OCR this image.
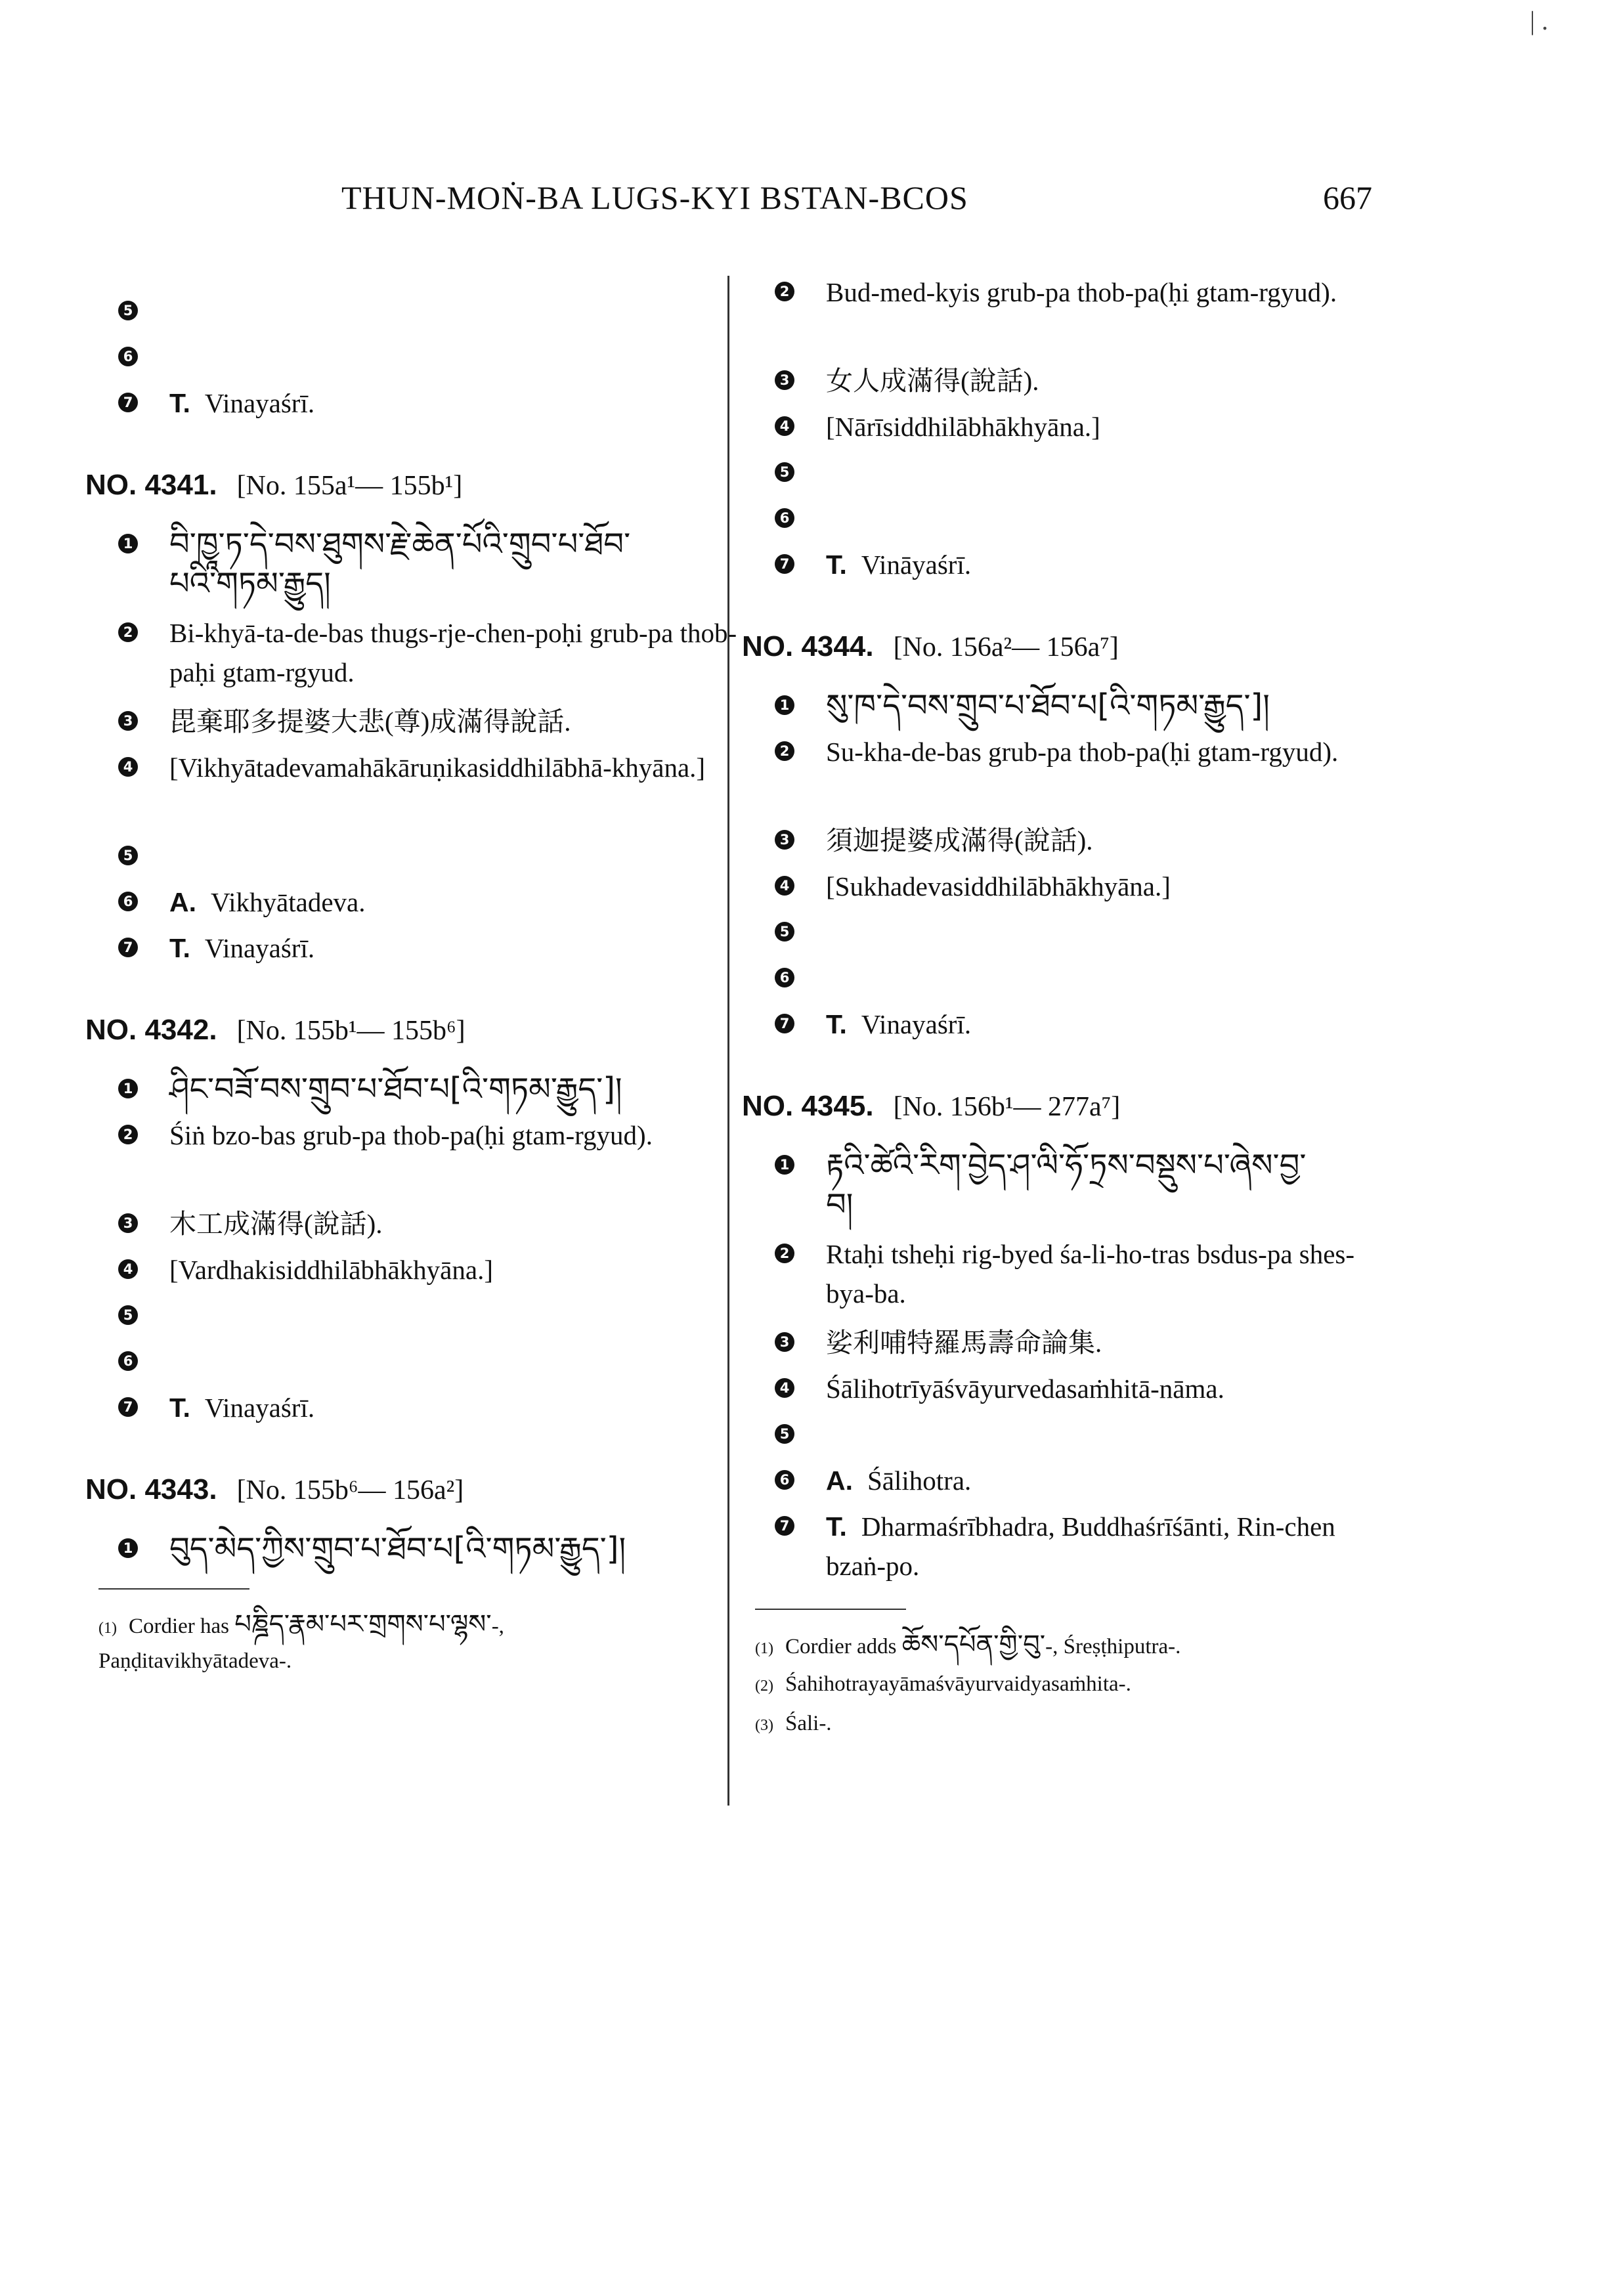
THUN-MOṄ-BA LUGS-KYI BSTAN-BCOS	667
| .
5
6
7 T. Vinayaśrī.
NO. 4341. [No. 155a¹— 155b¹]
1 བི་ཁྱཱ་ཏ་དེ་བས་ཐུགས་རྗེ་ཆེན་པོའི་གྲུབ་པ་ཐོབ་
པའི་གཏམ་རྒྱུད།
2 Bi-khyā-ta-de-bas thugs-rje-chen-poḥi grub-pa thob-paḥi gtam-rgyud.
3 毘棄耶多提婆大悲(尊)成滿得說話.
4 [Vikhyātadevamahākāruṇikasiddhilābhā-khyāna.]
5
6 A. Vikhyātadeva.
7 T. Vinayaśrī.
NO. 4342. [No. 155b¹— 155b⁶]
1 ཤིང་བཟོ་བས་གྲུབ་པ་ཐོབ་པ[འི་གཏམ་རྒྱུད་]།
2 Śiṅ bzo-bas grub-pa thob-pa(ḥi gtam-rgyud).
3 木工成滿得(說話).
4 [Vardhakisiddhilābhākhyāna.]
5
6
7 T. Vinayaśrī.
NO. 4343. [No. 155b⁶— 156a²]
1 བུད་མེད་ཀྱིས་གྲུབ་པ་ཐོབ་པ[འི་གཏམ་རྒྱུད་]།
(1) Cordier has པཎྜིད་རྣམ་པར་གྲགས་པ་ལྷས་-,
Paṇḍitavikhyātadeva-.
2 Bud-med-kyis grub-pa thob-pa(ḥi gtam-rgyud).
3 女人成滿得(說話).
4 [Nārīsiddhilābhākhyāna.]
5
6
7 T. Vināyaśrī.
NO. 4344. [No. 156a²— 156a⁷]
1 སུ་ཁ་དེ་བས་གྲུབ་པ་ཐོབ་པ[འི་གཏམ་རྒྱུད་]།
2 Su-kha-de-bas grub-pa thob-pa(ḥi gtam-rgyud).
3 須迦提婆成滿得(說話).
4 [Sukhadevasiddhilābhākhyāna.]
5
6
7 T. Vinayaśrī.
NO. 4345. [No. 156b¹— 277a⁷]
1 རྟའི་ཚེའི་རིག་བྱེད་ཤ་ལི་ཧོ་ཏྲས་བསྡུས་པ་ཞེས་བྱ་
བ།
2 Rtaḥi tsheḥi rig-byed śa-li-ho-tras bsdus-pa shes-bya-ba.
3 娑利哺特羅馬壽命論集.
4 Śālihotrīyāśvāyurvedasaṁhitā-nāma.
5
6 A. Śālihotra.
7 T. Dharmaśrībhadra, Buddhaśrīśānti, Rin-chen bzaṅ-po.
(1) Cordier adds ཆོས་དཔོན་གྱི་བུ་-, Śreṣṭhiputra-.
(2) Śahihotrayayāmaśvāyurvaidyasaṁhita-.
(3) Śali-.
